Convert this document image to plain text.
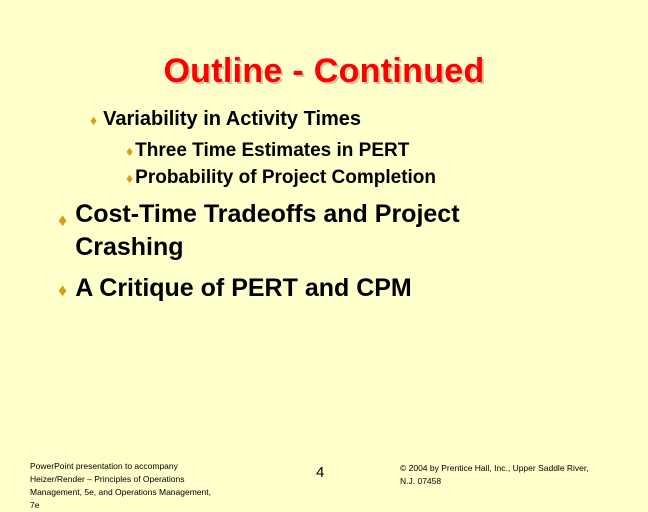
Outline - Continued
♦ Variability in Activity Times
♦ Three Time Estimates in PERT
♦ Probability of Project Completion
♦ Cost-Time Tradeoffs and Project
Crashing
♦ A Critique of PERT and CPM
PowerPoint presentation to accompany
Heizer/Render – Principles of Operations
Management, 5e, and Operations Management,
7e
4	© 2004 by Prentice Hall, Inc., Upper Saddle River,
N.J. 07458
